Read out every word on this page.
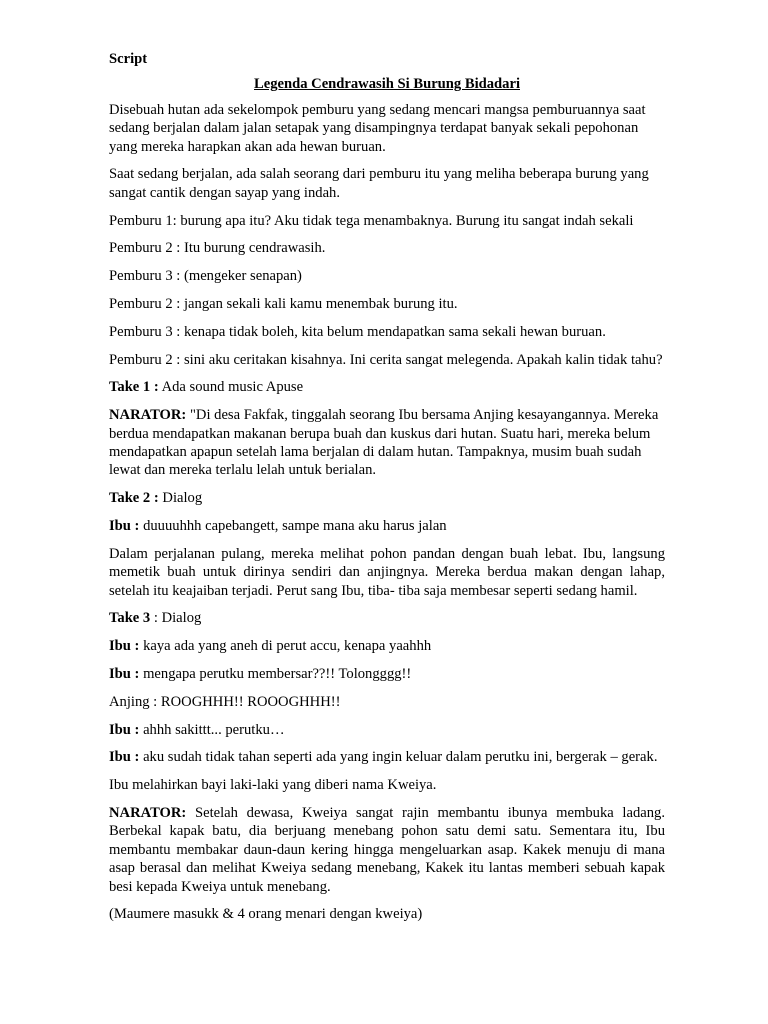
Script

Legenda Cendrawasih Si Burung Bidadari

Disebuah hutan ada sekelompok pemburu yang sedang mencari mangsa pemburuannya saat sedang berjalan dalam jalan setapak yang disampingnya terdapat banyak sekali pepohonan yang mereka harapkan akan ada hewan buruan.

Saat sedang berjalan, ada salah seorang dari pemburu itu yang meliha beberapa burung yang sangat cantik dengan sayap yang indah.

Pemburu 1: burung apa itu? Aku tidak tega menambaknya. Burung itu sangat indah sekali

Pemburu 2 : Itu burung cendrawasih.

Pemburu 3 : (mengeker senapan)

Pemburu 2 : jangan sekali kali kamu menembak burung itu.

Pemburu 3 : kenapa tidak boleh, kita belum mendapatkan sama sekali hewan buruan.

Pemburu 2 : sini aku ceritakan kisahnya. Ini cerita sangat melegenda. Apakah kalin tidak tahu?

Take 1 : Ada sound music Apuse

NARATOR: "Di desa Fakfak, tinggalah seorang Ibu bersama Anjing kesayangannya. Mereka berdua mendapatkan makanan berupa buah dan kuskus dari hutan. Suatu hari, mereka belum mendapatkan apapun setelah lama berjalan di dalam hutan. Tampaknya, musim buah sudah lewat dan mereka terlalu lelah untuk berialan.

Take 2 : Dialog

Ibu : duuuuhhh capebangett, sampe mana aku harus jalan

Dalam perjalanan pulang, mereka melihat pohon pandan dengan buah lebat. Ibu, langsung memetik buah untuk dirinya sendiri dan anjingnya. Mereka berdua makan dengan lahap, setelah itu keajaiban terjadi. Perut sang Ibu, tiba- tiba saja membesar seperti sedang hamil.

Take 3 : Dialog

Ibu : kaya ada yang aneh di perut accu, kenapa yaahhh

Ibu : mengapa perutku membersar??!! Tolongggg!!

Anjing : ROOGHHH!! ROOOGHHH!!

Ibu : ahhh sakittt... perutku…

Ibu : aku sudah tidak tahan seperti ada yang ingin keluar dalam perutku ini, bergerak – gerak.

Ibu melahirkan bayi laki-laki yang diberi nama Kweiya.

NARATOR: Setelah dewasa, Kweiya sangat rajin membantu ibunya membuka ladang. Berbekal kapak batu, dia berjuang menebang pohon satu demi satu. Sementara itu, Ibu membantu membakar daun-daun kering hingga mengeluarkan asap. Kakek menuju di mana asap berasal dan melihat Kweiya sedang menebang, Kakek itu lantas memberi sebuah kapak besi kepada Kweiya untuk menebang.

(Maumere masukk & 4 orang menari dengan kweiya)
